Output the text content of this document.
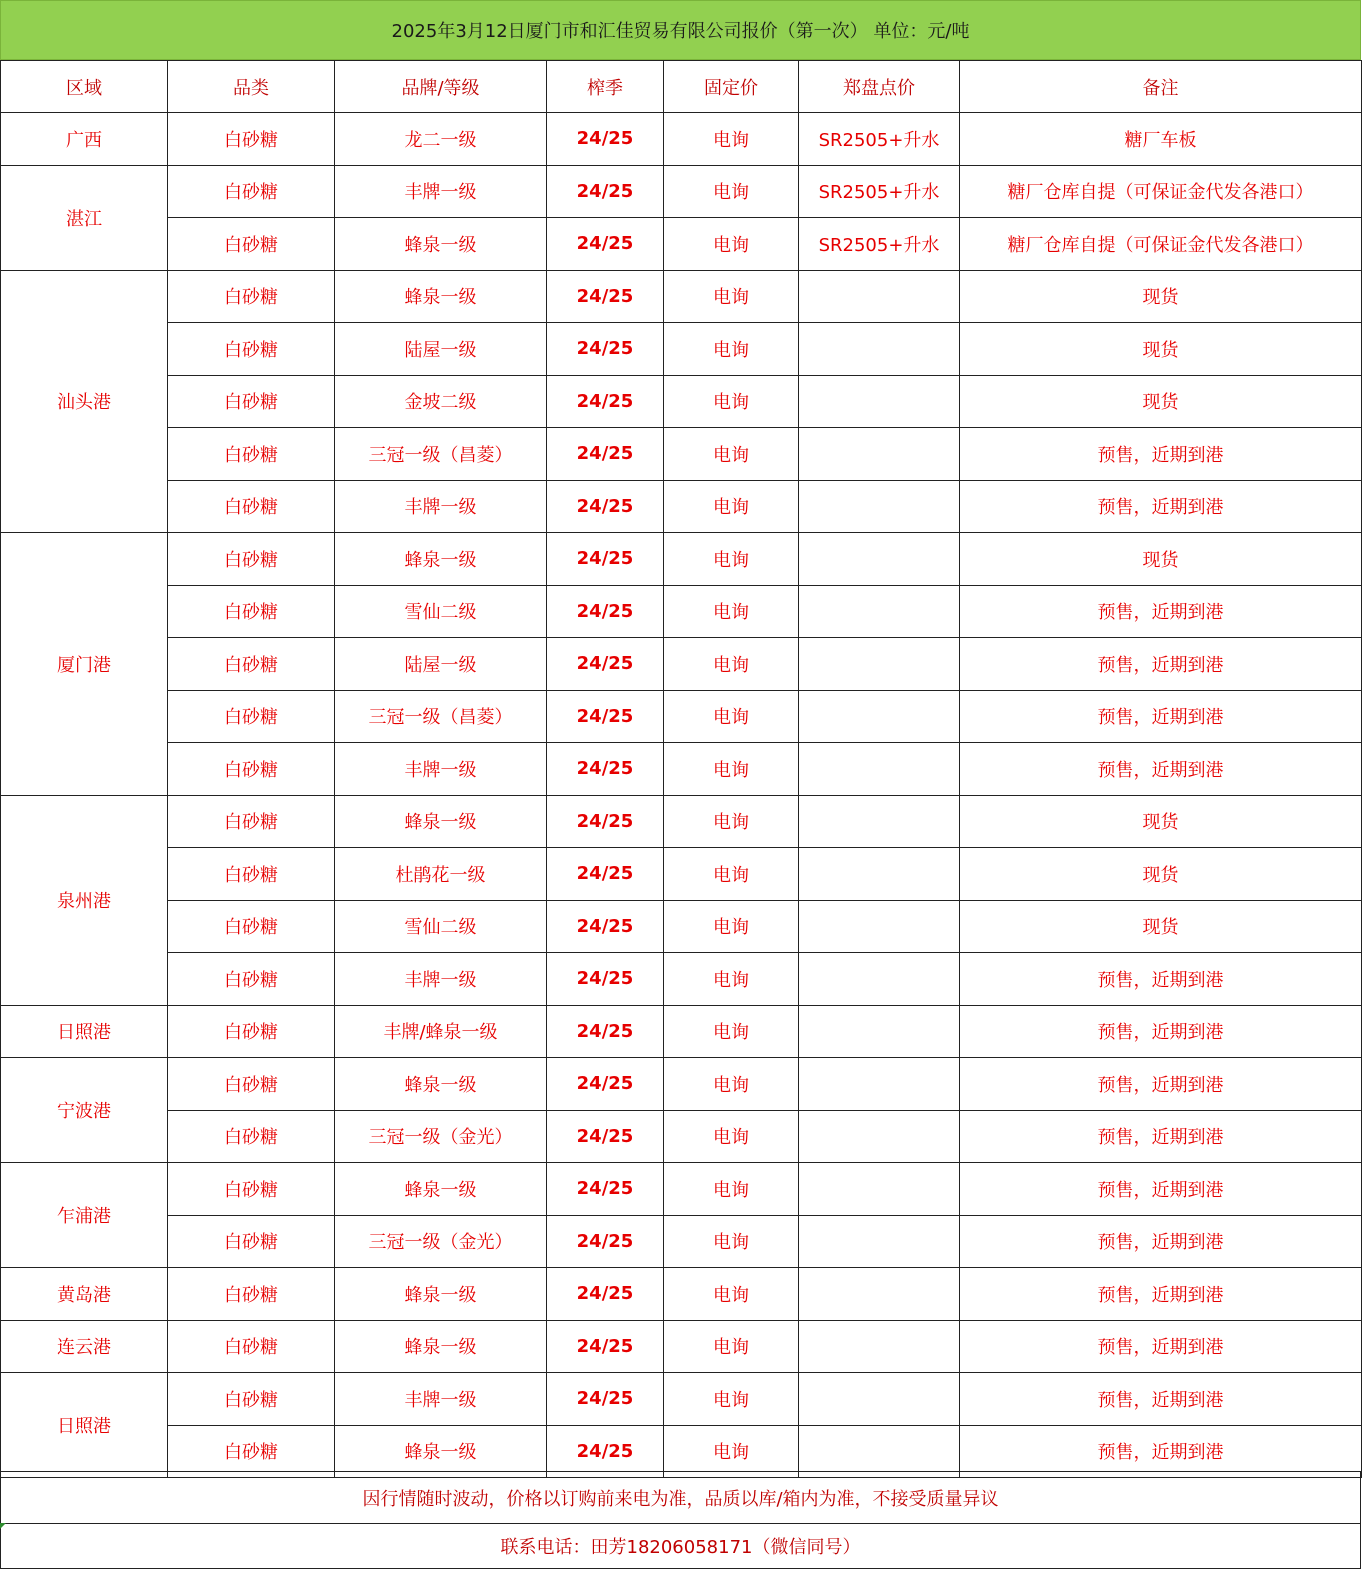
2025年3月12日厦门市和汇佳贸易有限公司报价（第一次） 单位：元/吨
区域	品类	品牌/等级	榨季	固定价	郑盘点价	备注
广西	白砂糖	龙二一级	24/25	电询	SR2505+升水	糖厂车板
湛江	白砂糖	丰牌一级	24/25	电询	SR2505+升水	糖厂仓库自提（可保证金代发各港口）
	白砂糖	蜂泉一级	24/25	电询	SR2505+升水	糖厂仓库自提（可保证金代发各港口）
汕头港	白砂糖	蜂泉一级	24/25	电询		现货
	白砂糖	陆屋一级	24/25	电询		现货
	白砂糖	金坡二级	24/25	电询		现货
	白砂糖	三冠一级（昌菱）	24/25	电询		预售，近期到港
	白砂糖	丰牌一级	24/25	电询		预售，近期到港
厦门港	白砂糖	蜂泉一级	24/25	电询		现货
	白砂糖	雪仙二级	24/25	电询		预售，近期到港
	白砂糖	陆屋一级	24/25	电询		预售，近期到港
	白砂糖	三冠一级（昌菱）	24/25	电询		预售，近期到港
	白砂糖	丰牌一级	24/25	电询		预售，近期到港
泉州港	白砂糖	蜂泉一级	24/25	电询		现货
	白砂糖	杜鹃花一级	24/25	电询		现货
	白砂糖	雪仙二级	24/25	电询		现货
	白砂糖	丰牌一级	24/25	电询		预售，近期到港
日照港	白砂糖	丰牌/蜂泉一级	24/25	电询		预售，近期到港
宁波港	白砂糖	蜂泉一级	24/25	电询		预售，近期到港
	白砂糖	三冠一级（金光）	24/25	电询		预售，近期到港
乍浦港	白砂糖	蜂泉一级	24/25	电询		预售，近期到港
	白砂糖	三冠一级（金光）	24/25	电询		预售，近期到港
黄岛港	白砂糖	蜂泉一级	24/25	电询		预售，近期到港
连云港	白砂糖	蜂泉一级	24/25	电询		预售，近期到港
日照港	白砂糖	丰牌一级	24/25	电询		预售，近期到港
	白砂糖	蜂泉一级	24/25	电询		预售，近期到港
因行情随时波动，价格以订购前来电为准，品质以库/箱内为准，不接受质量异议
联系电话：田芳18206058171（微信同号）
